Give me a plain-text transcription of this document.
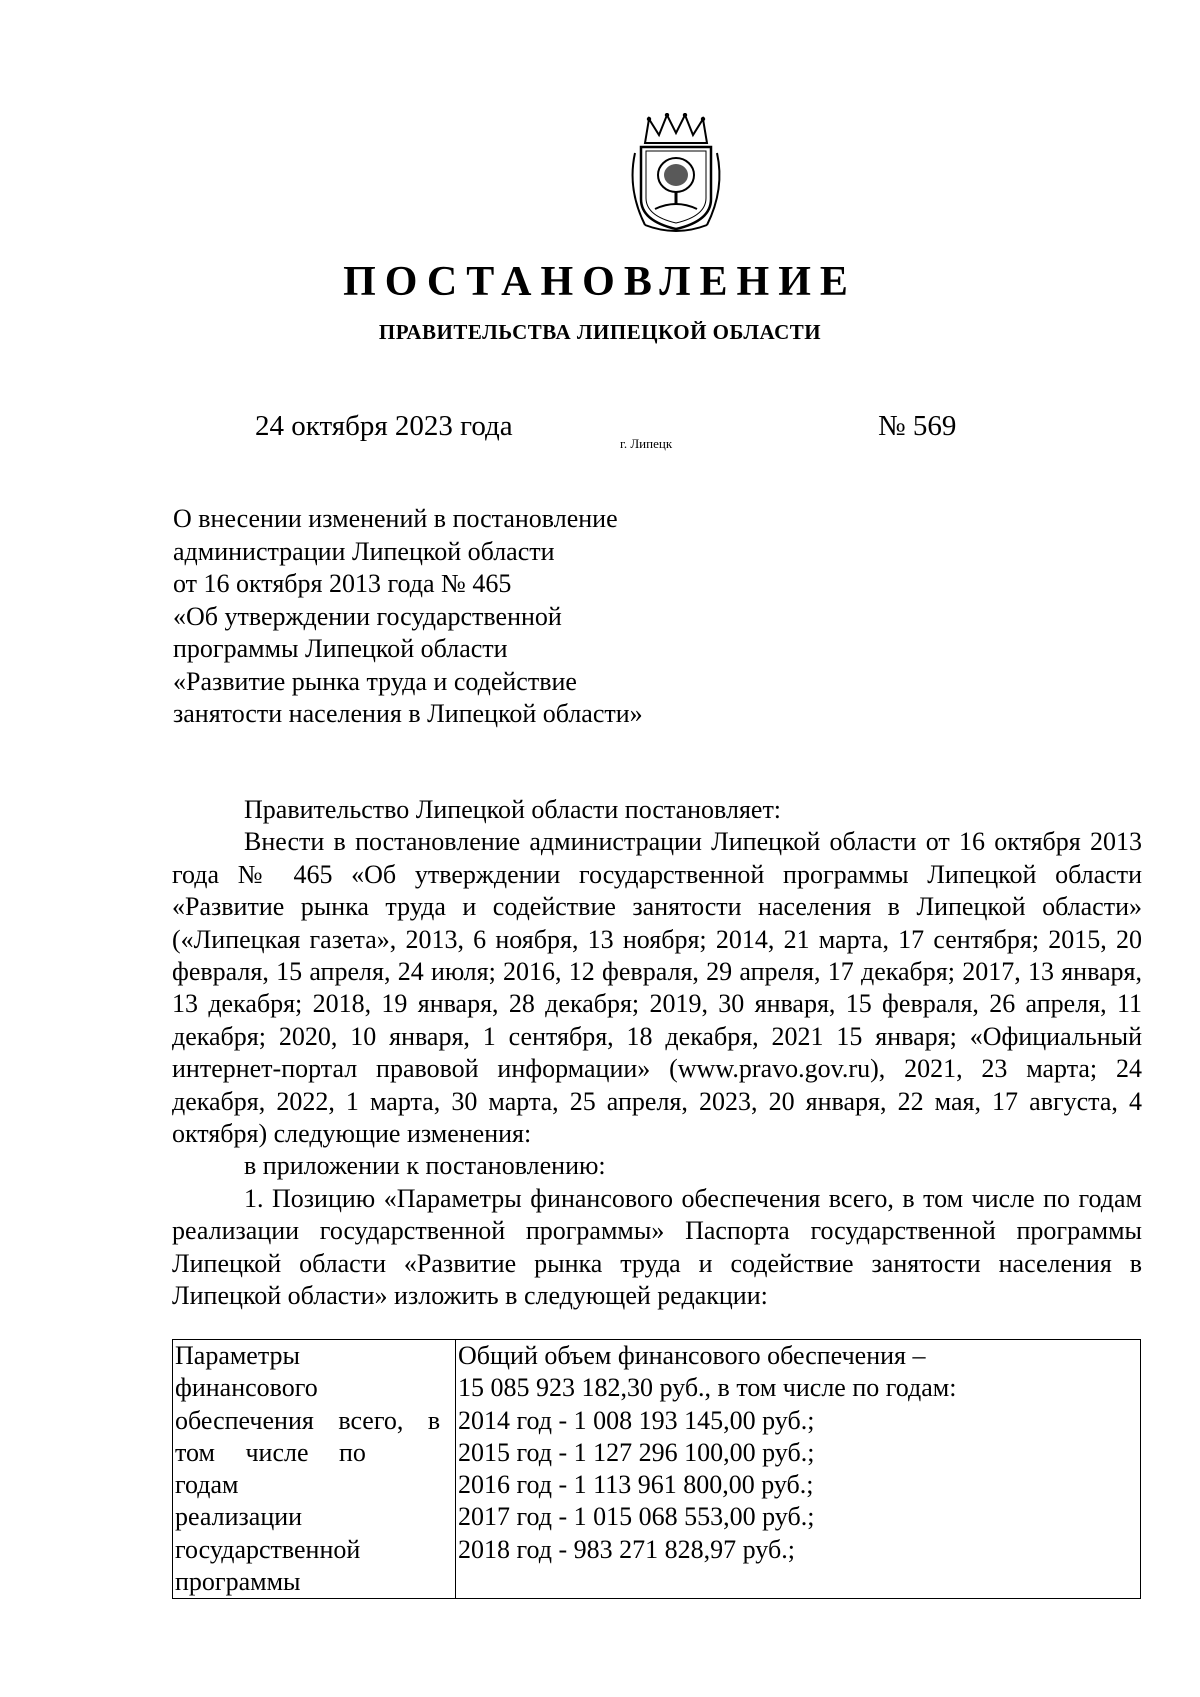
ПОСТАНОВЛЕНИЕ
ПРАВИТЕЛЬСТВА ЛИПЕЦКОЙ ОБЛАСТИ
24 октября 2023 года
г. Липецк
№ 569
О внесении изменений в постановление
администрации Липецкой области
от 16 октября 2013 года № 465
«Об утверждении государственной
программы Липецкой области
«Развитие рынка труда и содействие
занятости населения в Липецкой области»

Правительство Липецкой области постановляет:

Внести в постановление администрации Липецкой области от 16 октября 2013 года № 465 «Об утверждении государственной программы Липецкой области «Развитие рынка труда и содействие занятости населения в Липецкой области» («Липецкая газета», 2013, 6 ноября, 13 ноября; 2014, 21 марта, 17 сентября; 2015, 20 февраля, 15 апреля, 24 июля; 2016, 12 февраля, 29 апреля, 17 декабря; 2017, 13 января, 13 декабря; 2018, 19 января, 28 декабря; 2019, 30 января, 15 февраля, 26 апреля, 11 декабря; 2020, 10 января, 1 сентября, 18 декабря, 2021 15 января; «Официальный интернет-портал правовой информации» (www.pravo.gov.ru), 2021, 23 марта; 24 декабря, 2022, 1 марта, 30 марта, 25 апреля, 2023, 20 января, 22 мая, 17 августа, 4 октября) следующие изменения:

в приложении к постановлению:

1. Позицию «Параметры финансового обеспечения всего, в том числе по годам реализации государственной программы» Паспорта государственной программы Липецкой области «Развитие рынка труда и содействие занятости населения в Липецкой области» изложить в следующей редакции:

Параметры
финансового
обеспечения всего, в
том числе по годам
реализации
государственной
программы

Общий объем финансового обеспечения –
15 085 923 182,30 руб., в том числе по годам:
2014 год - 1 008 193 145,00 руб.;
2015 год - 1 127 296 100,00 руб.;
2016 год - 1 113 961 800,00 руб.;
2017 год - 1 015 068 553,00 руб.;
2018 год - 983 271 828,97 руб.;
